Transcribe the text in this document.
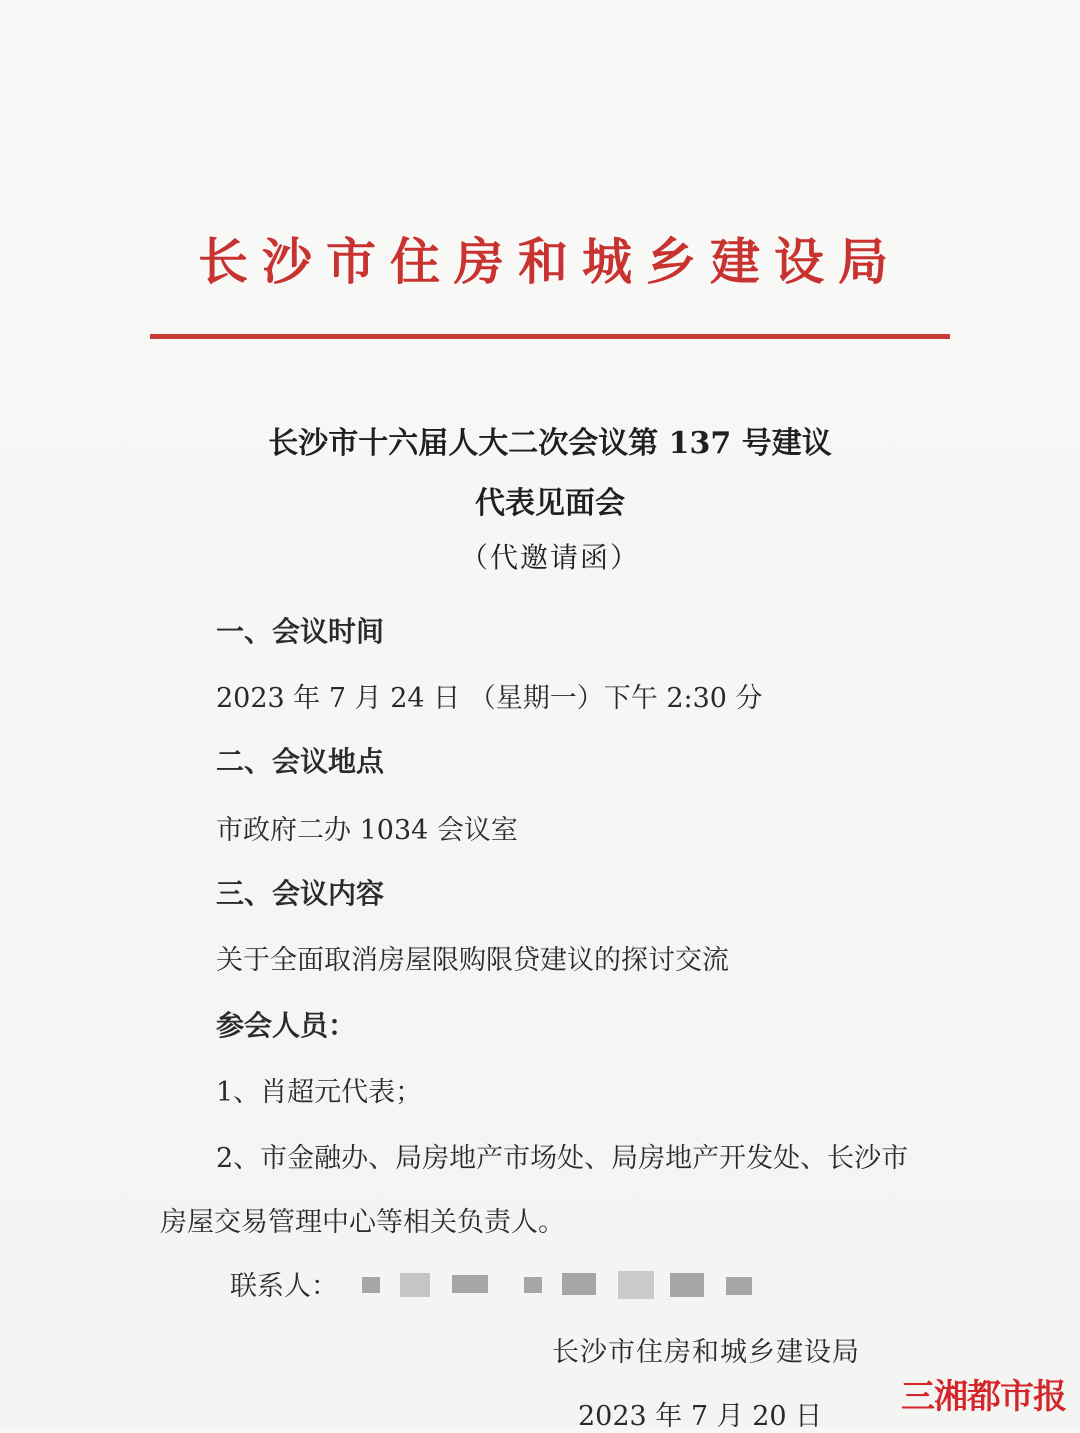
长沙市住房和城乡建设局
长沙市十六届人大二次会议第 137 号建议
代表见面会
（代邀请函）
一、会议时间
2023 年 7 月 24 日 （星期一）下午 2:30 分
二、会议地点
市政府二办 1034 会议室
三、会议内容
关于全面取消房屋限购限贷建议的探讨交流
参会人员：
1、肖超元代表；
2、市金融办、局房地产市场处、局房地产开发处、长沙市
房屋交易管理中心等相关负责人。
联系人：
长沙市住房和城乡建设局
2023 年 7 月 20 日 三湘都市报
